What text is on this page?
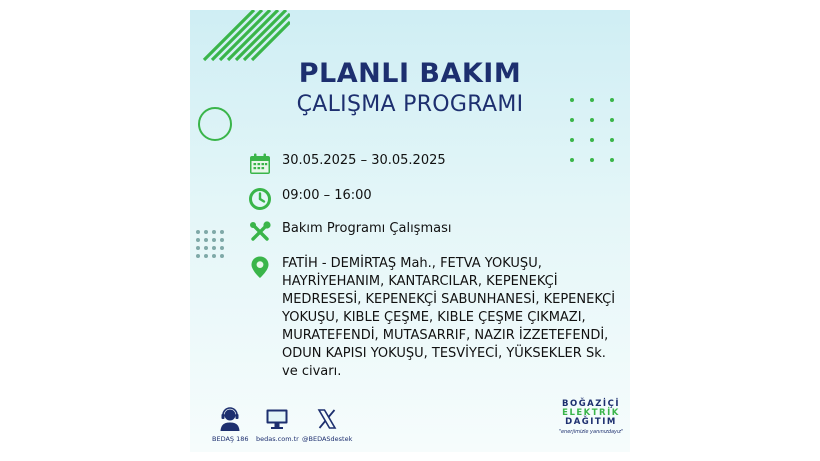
PLANLI BAKIM
ÇALIŞMA PROGRAMI
30.05.2025 – 30.05.2025
09:00 – 16:00
Bakım Programı Çalışması
FATİH - DEMİRTAŞ Mah., FETVA YOKUŞU, HAYRİYEHANIM, KANTARCILAR, KEPENEKÇİ MEDRESESİ, KEPENEKÇİ SABUNHANESİ, KEPENEKÇİ YOKUŞU, KIBLE ÇEŞME, KIBLE ÇEŞME ÇIKMAZI, MURATEFENDİ, MUTASARRIF, NAZIR İZZETEFENDİ, ODUN KAPISI YOKUŞU, TESVİYECİ, YÜKSEKLER Sk. ve civarı.
BEDAŞ 186 bedas.com.tr @BEDASdestek
BOĞAZİÇİ
ELEKTRİK
DAĞITIM
"enerjimizle yanınızdayız"
